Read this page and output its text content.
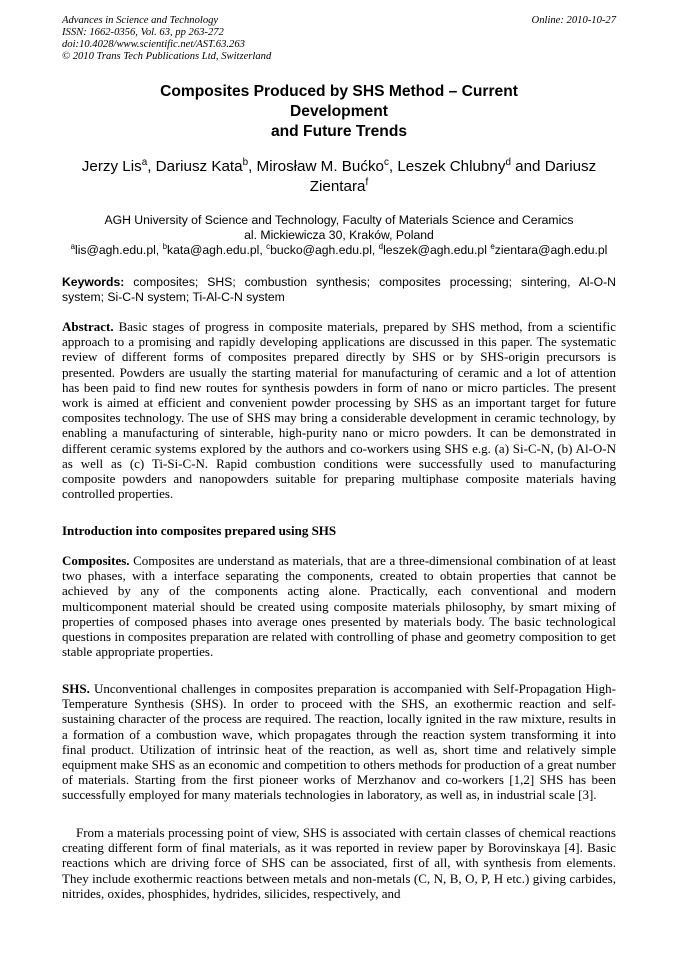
Advances in Science and Technology
ISSN: 1662-0356, Vol. 63, pp 263-272
doi:10.4028/www.scientific.net/AST.63.263
© 2010 Trans Tech Publications Ltd, Switzerland
Online: 2010-10-27
Composites Produced by SHS Method – Current
Development
and Future Trends
Jerzy Lis$^a$, Dariusz Kata$^b$, Mirosław M. Bućko$^c$, Leszek Chlubny$^d$ and Dariusz Zientara$^f$
AGH University of Science and Technology, Faculty of Materials Science and Ceramics
al. Mickiewicza 30, Kraków, Poland
$^a$lis@agh.edu.pl, $^b$kata@agh.edu.pl, $^c$bucko@agh.edu.pl, $^d$leszek@agh.edu.pl $^e$zientara@agh.edu.pl
Keywords: composites; SHS; combustion synthesis; composites processing; sintering, Al-O-N system; Si-C-N system; Ti-Al-C-N system
Abstract. Basic stages of progress in composite materials, prepared by SHS method, from a scientific approach to a promising and rapidly developing applications are discussed in this paper. The systematic review of different forms of composites prepared directly by SHS or by SHS-origin precursors is presented. Powders are usually the starting material for manufacturing of ceramic and a lot of attention has been paid to find new routes for synthesis powders in form of nano or micro particles. The present work is aimed at efficient and convenient powder processing by SHS as an important target for future composites technology. The use of SHS may bring a considerable development in ceramic technology, by enabling a manufacturing of sinterable, high-purity nano or micro powders. It can be demonstrated in different ceramic systems explored by the authors and co-workers using SHS e.g. (a) Si-C-N, (b) Al-O-N as well as (c) Ti-Si-C-N. Rapid combustion conditions were successfully used to manufacturing composite powders and nanopowders suitable for preparing multiphase composite materials having controlled properties.
Introduction into composites prepared using SHS
Composites. Composites are understand as materials, that are a three-dimensional combination of at least two phases, with a interface separating the components, created to obtain properties that cannot be achieved by any of the components acting alone. Practically, each conventional and modern multicomponent material should be created using composite materials philosophy, by smart mixing of properties of composed phases into average ones presented by materials body. The basic technological questions in composites preparation are related with controlling of phase and geometry composition to get stable appropriate properties.
SHS. Unconventional challenges in composites preparation is accompanied with Self-Propagation High-Temperature Synthesis (SHS). In order to proceed with the SHS, an exothermic reaction and self-sustaining character of the process are required. The reaction, locally ignited in the raw mixture, results in a formation of a combustion wave, which propagates through the reaction system transforming it into final product. Utilization of intrinsic heat of the reaction, as well as, short time and relatively simple equipment make SHS as an economic and competition to others methods for production of a great number of materials. Starting from the first pioneer works of Merzhanov and co-workers [1,2] SHS has been successfully employed for many materials technologies in laboratory, as well as, in industrial scale [3].
From a materials processing point of view, SHS is associated with certain classes of chemical reactions creating different form of final materials, as it was reported in review paper by Borovinskaya [4]. Basic reactions which are driving force of SHS can be associated, first of all, with synthesis from elements. They include exothermic reactions between metals and non-metals (C, N, B, O, P, H etc.) giving carbides, nitrides, oxides, phosphides, hydrides, silicides, respectively, and
